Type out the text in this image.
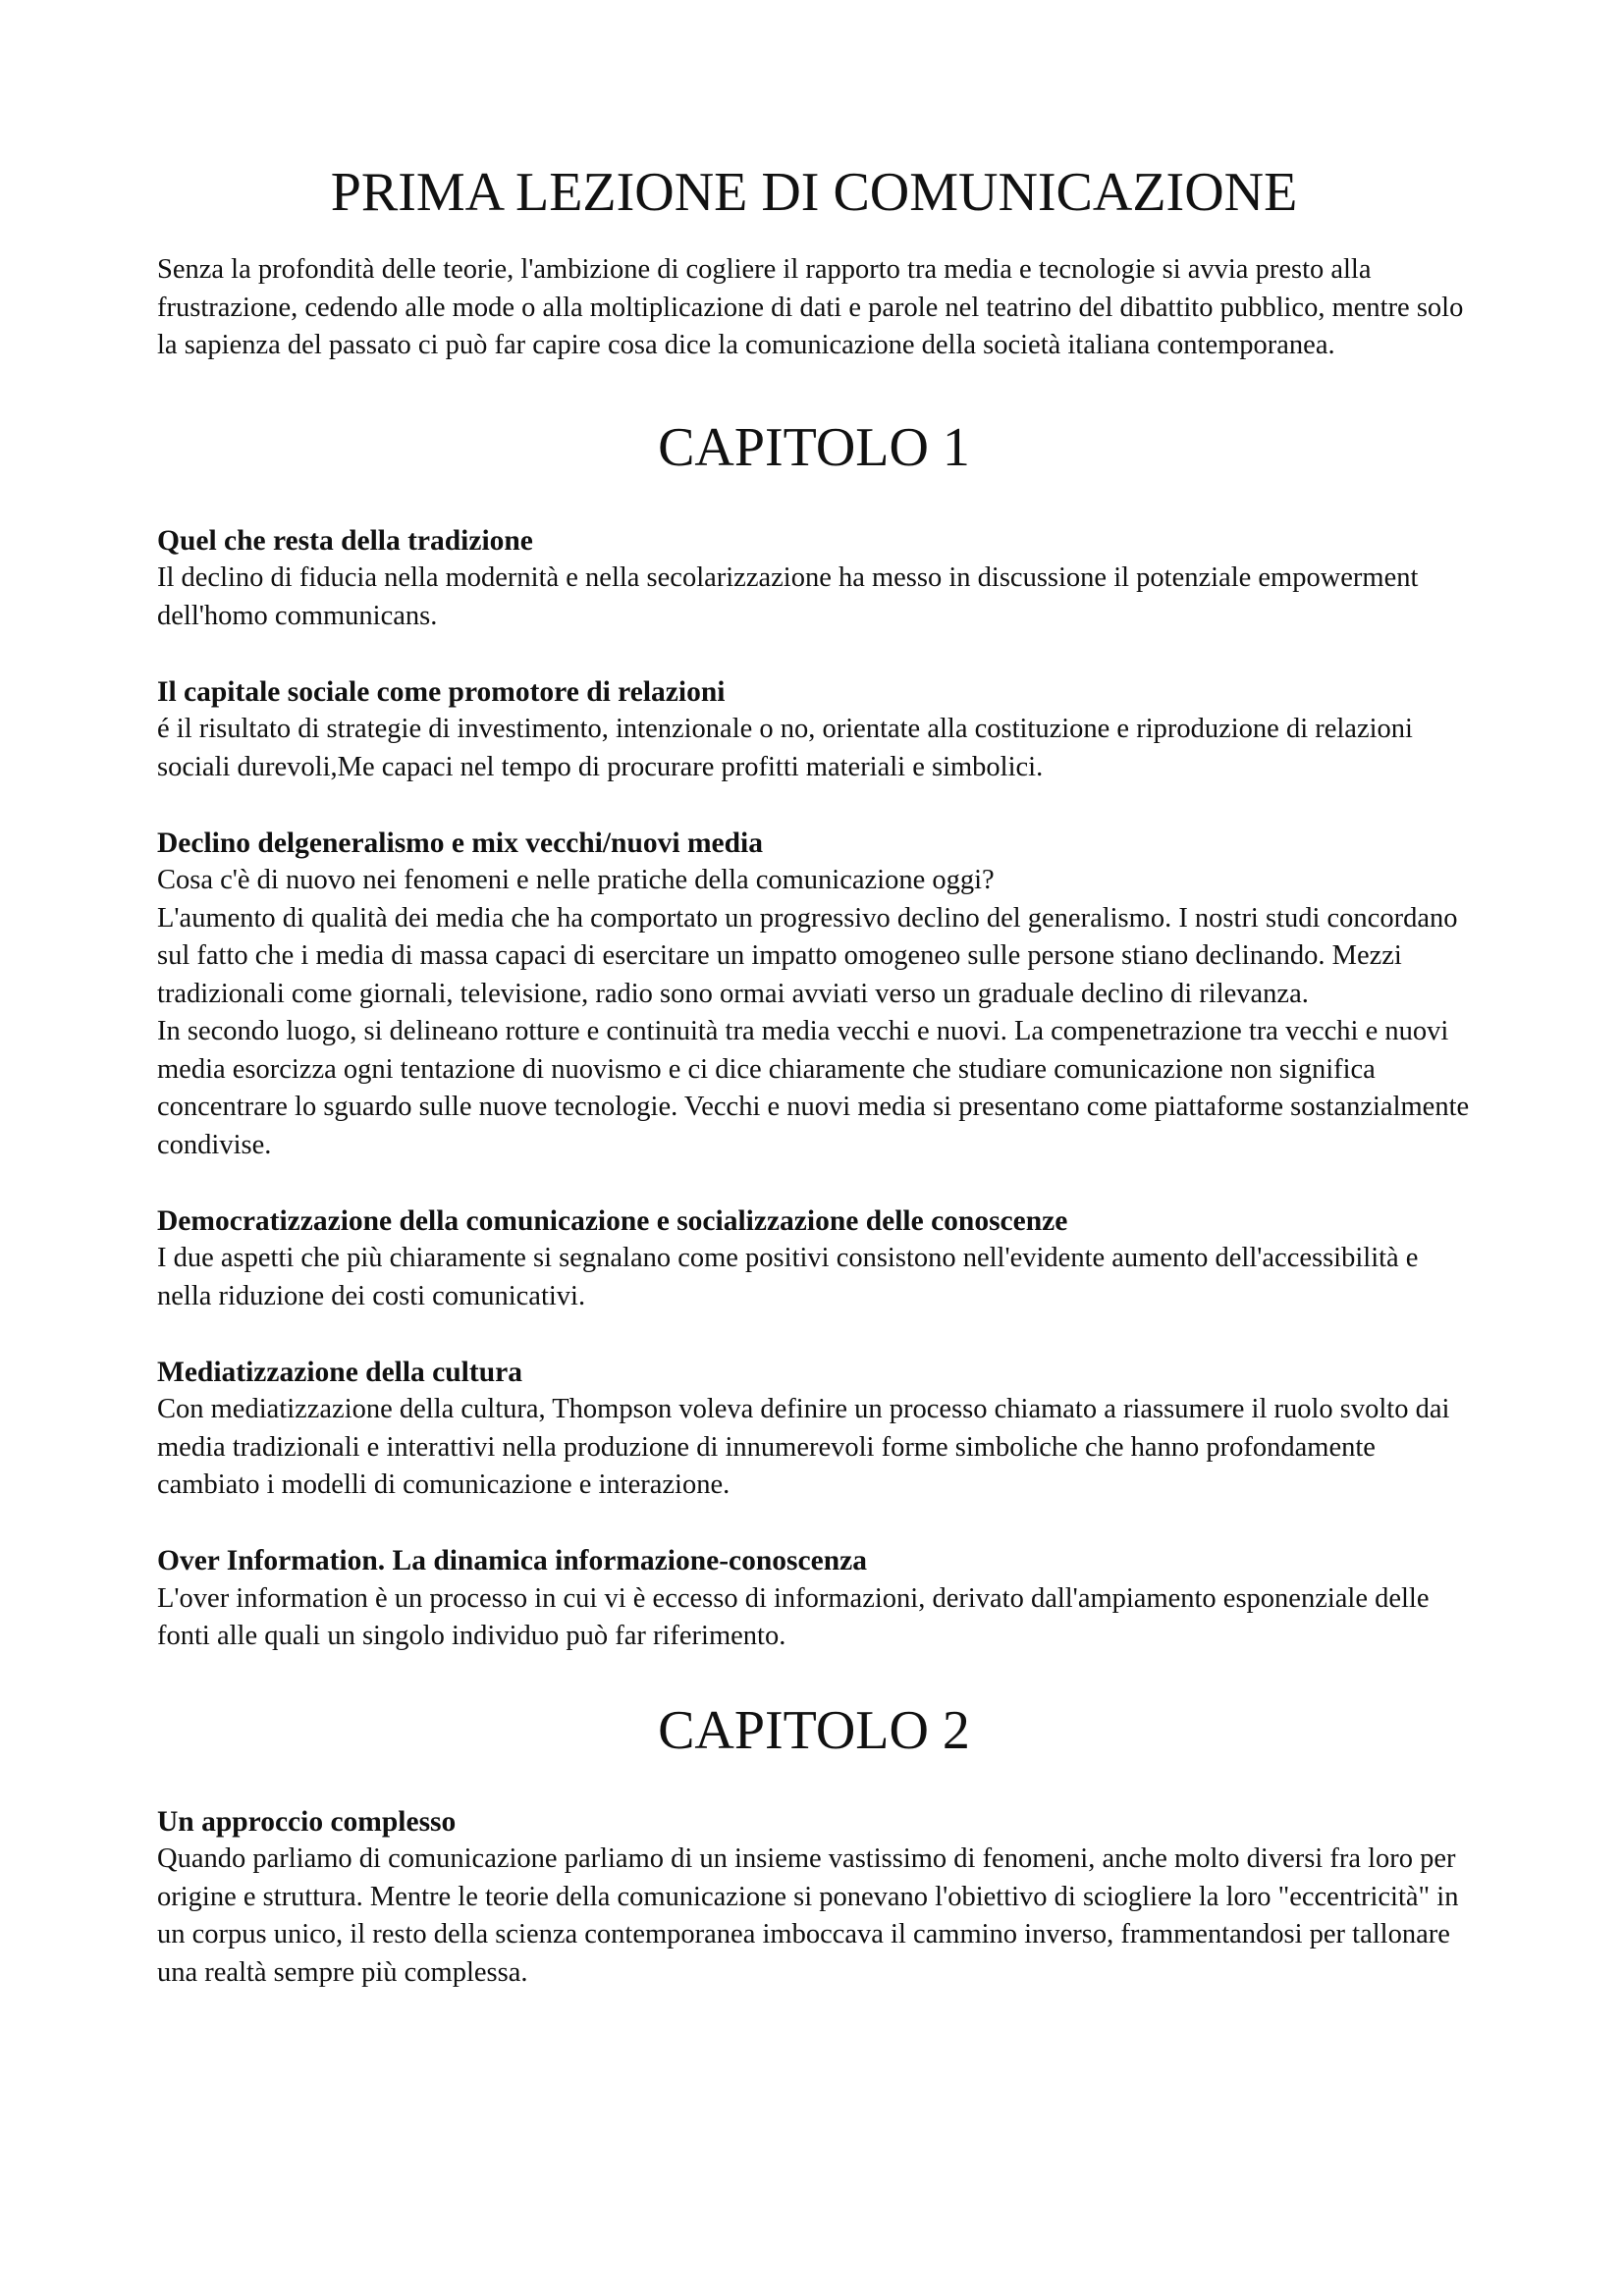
PRIMA LEZIONE DI COMUNICAZIONE

Senza la profondità delle teorie, l'ambizione di cogliere il rapporto tra media e tecnologie si avvia presto alla frustrazione, cedendo alle mode o alla moltiplicazione di dati e parole nel teatrino del dibattito pubblico, mentre solo la sapienza del passato ci può far capire cosa dice la comunicazione della società italiana contemporanea.

CAPITOLO 1
Quel che resta della tradizione

Il declino di fiducia nella modernità e nella secolarizzazione ha messo in discussione il potenziale empowerment dell'homo communicans.

Il capitale sociale come promotore di relazioni

é il risultato di strategie di investimento, intenzionale o no, orientate alla costituzione e riproduzione di relazioni sociali durevoli,Me capaci nel tempo di procurare profitti materiali e simbolici.

Declino delgeneralismo e mix vecchi/nuovi media

Cosa c'è di nuovo nei fenomeni e nelle pratiche della comunicazione oggi?

L'aumento di qualità dei media che ha comportato un progressivo declino del generalismo. I nostri studi concordano sul fatto che i media di massa capaci di esercitare un impatto omogeneo sulle persone stiano declinando. Mezzi tradizionali come giornali, televisione, radio sono ormai avviati verso un graduale declino di rilevanza.

In secondo luogo, si delineano rotture e continuità tra media vecchi e nuovi. La compenetrazione tra vecchi e nuovi media esorcizza ogni tentazione di nuovismo e ci dice chiaramente che studiare comunicazione non significa concentrare lo sguardo sulle nuove tecnologie. Vecchi e nuovi media si presentano come piattaforme sostanzialmente condivise.

Democratizzazione della comunicazione e socializzazione delle conoscenze

I due aspetti che più chiaramente si segnalano come positivi consistono nell'evidente aumento dell'accessibilità e nella riduzione dei costi comunicativi.

Mediatizzazione della cultura

Con mediatizzazione della cultura, Thompson voleva definire un processo chiamato a riassumere il ruolo svolto dai media tradizionali e interattivi nella produzione di innumerevoli forme simboliche che hanno profondamente cambiato i modelli di comunicazione e interazione.

Over Information. La dinamica informazione-conoscenza

L'over information è un processo in cui vi è eccesso di informazioni, derivato dall'ampiamento esponenziale delle fonti alle quali un singolo individuo può far riferimento.

CAPITOLO 2
Un approccio complesso

Quando parliamo di comunicazione parliamo di un insieme vastissimo di fenomeni, anche molto diversi fra loro per origine e struttura. Mentre le teorie della comunicazione si ponevano l'obiettivo di sciogliere la loro "eccentricità" in un corpus unico, il resto della scienza contemporanea imboccava il cammino inverso, frammentandosi per tallonare una realtà sempre più complessa.
